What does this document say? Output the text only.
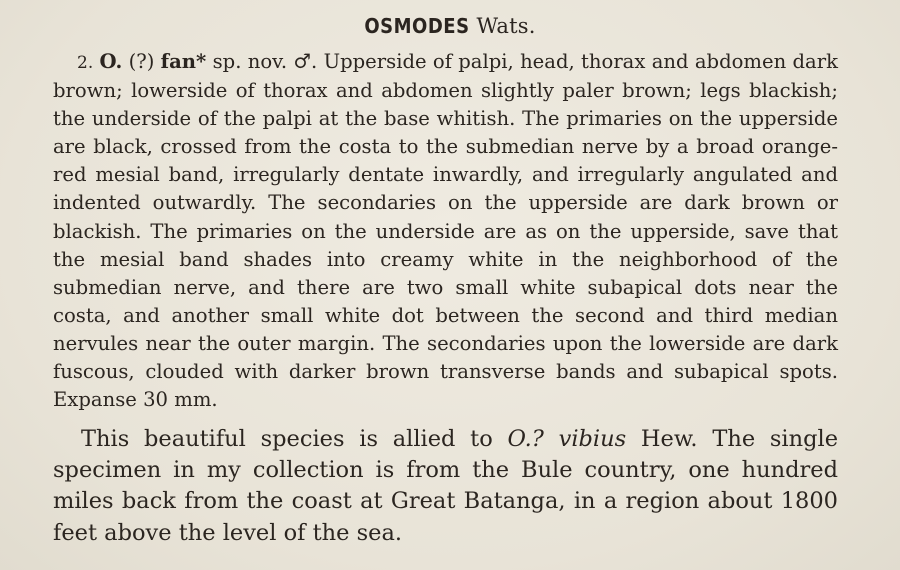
OSMODES Wats.
2. O. (?) fan* sp. nov. ♂. Upperside of palpi, head, thorax and abdomen dark brown; lowerside of thorax and abdomen slightly paler brown; legs blackish; the underside of the palpi at the base whitish. The primaries on the upperside are black, crossed from the costa to the submedian nerve by a broad orange-red mesial band, irregularly dentate inwardly, and irregularly angulated and indented outwardly. The secondaries on the upperside are dark brown or blackish. The primaries on the underside are as on the upperside, save that the mesial band shades into creamy white in the neighborhood of the submedian nerve, and there are two small white subapical dots near the costa, and another small white dot between the second and third median nervules near the outer margin. The secondaries upon the lowerside are dark fuscous, clouded with darker brown transverse bands and subapical spots. Expanse 30 mm.
This beautiful species is allied to O.? vibius Hew. The single specimen in my collection is from the Bule country, one hundred miles back from the coast at Great Batanga, in a region about 1800 feet above the level of the sea.
